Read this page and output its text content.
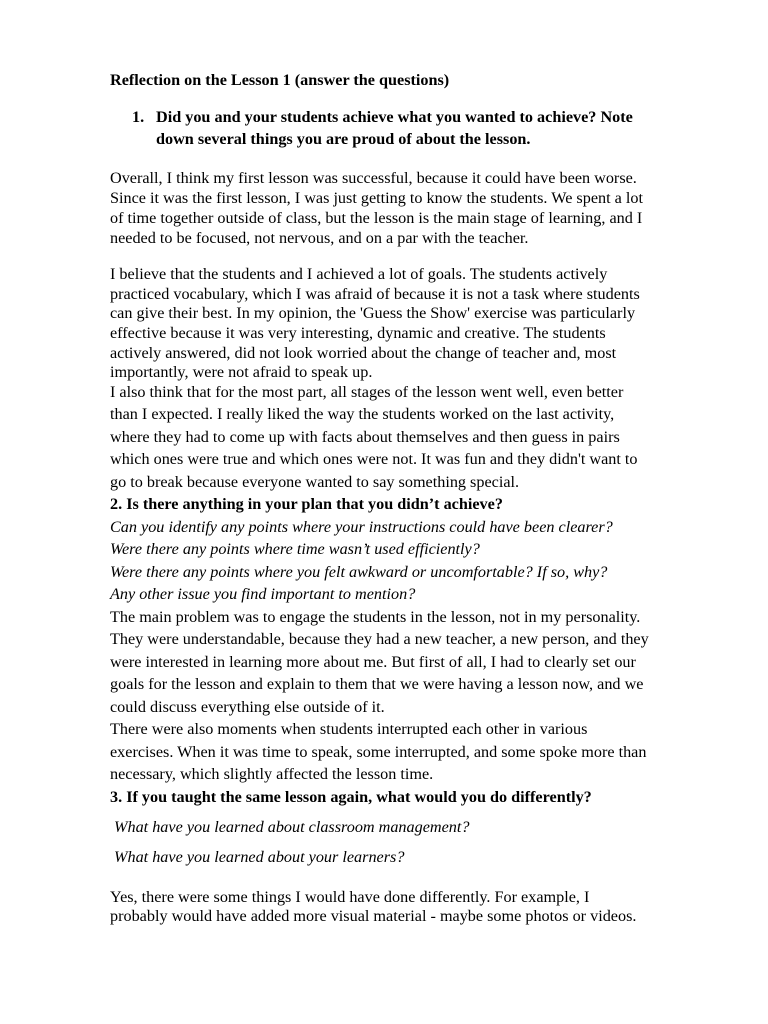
Reflection on the Lesson 1 (answer the questions)
1. Did you and your students achieve what you wanted to achieve? Note
down several things you are proud of about the lesson.
Overall, I think my first lesson was successful, because it could have been worse.
Since it was the first lesson, I was just getting to know the students. We spent a lot
of time together outside of class, but the lesson is the main stage of learning, and I
needed to be focused, not nervous, and on a par with the teacher.
I believe that the students and I achieved a lot of goals. The students actively
practiced vocabulary, which I was afraid of because it is not a task where students
can give their best. In my opinion, the 'Guess the Show' exercise was particularly
effective because it was very interesting, dynamic and creative. The students
actively answered, did not look worried about the change of teacher and, most
importantly, were not afraid to speak up.
I also think that for the most part, all stages of the lesson went well, even better
than I expected. I really liked the way the students worked on the last activity,
where they had to come up with facts about themselves and then guess in pairs
which ones were true and which ones were not. It was fun and they didn't want to
go to break because everyone wanted to say something special.
2. Is there anything in your plan that you didn’t achieve?
Can you identify any points where your instructions could have been clearer?
Were there any points where time wasn’t used efficiently?
Were there any points where you felt awkward or uncomfortable? If so, why?
Any other issue you find important to mention?
The main problem was to engage the students in the lesson, not in my personality.
They were understandable, because they had a new teacher, a new person, and they
were interested in learning more about me. But first of all, I had to clearly set our
goals for the lesson and explain to them that we were having a lesson now, and we
could discuss everything else outside of it.
There were also moments when students interrupted each other in various
exercises. When it was time to speak, some interrupted, and some spoke more than
necessary, which slightly affected the lesson time.
3. If you taught the same lesson again, what would you do differently?
What have you learned about classroom management?
What have you learned about your learners?
Yes, there were some things I would have done differently. For example, I
probably would have added more visual material - maybe some photos or videos.
